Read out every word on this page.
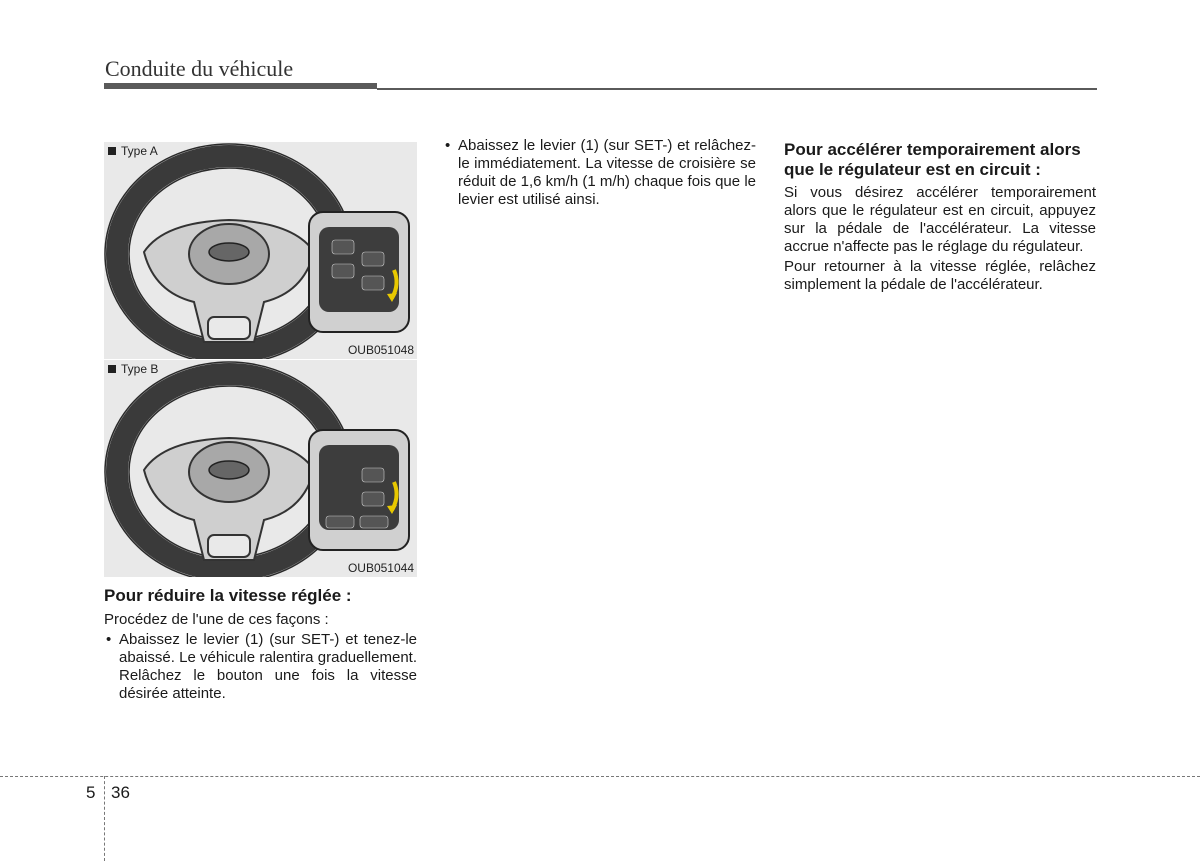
Conduite du véhicule
Type A
OUB051048
Type B
OUB051044
Pour réduire la vitesse réglée :
Procédez de l'une de ces façons :
• Abaissez le levier (1) (sur SET-) et tenez-le abaissé. Le véhicule ralentira graduellement. Relâchez le bouton une fois la vitesse désirée atteinte.
• Abaissez le levier (1) (sur SET-) et relâchez-le immédiatement. La vitesse de croisière se réduit de 1,6 km/h (1 m/h) chaque fois que le levier est utilisé ainsi.
Pour accélérer temporairement alors que le régulateur est en circuit :
Si vous désirez accélérer temporairement alors que le régulateur est en circuit, appuyez sur la pédale de l'accélérateur. La vitesse accrue n'affecte pas le réglage du régulateur.
Pour retourner à la vitesse réglée, relâchez simplement la pédale de l'accélérateur.
5 36
